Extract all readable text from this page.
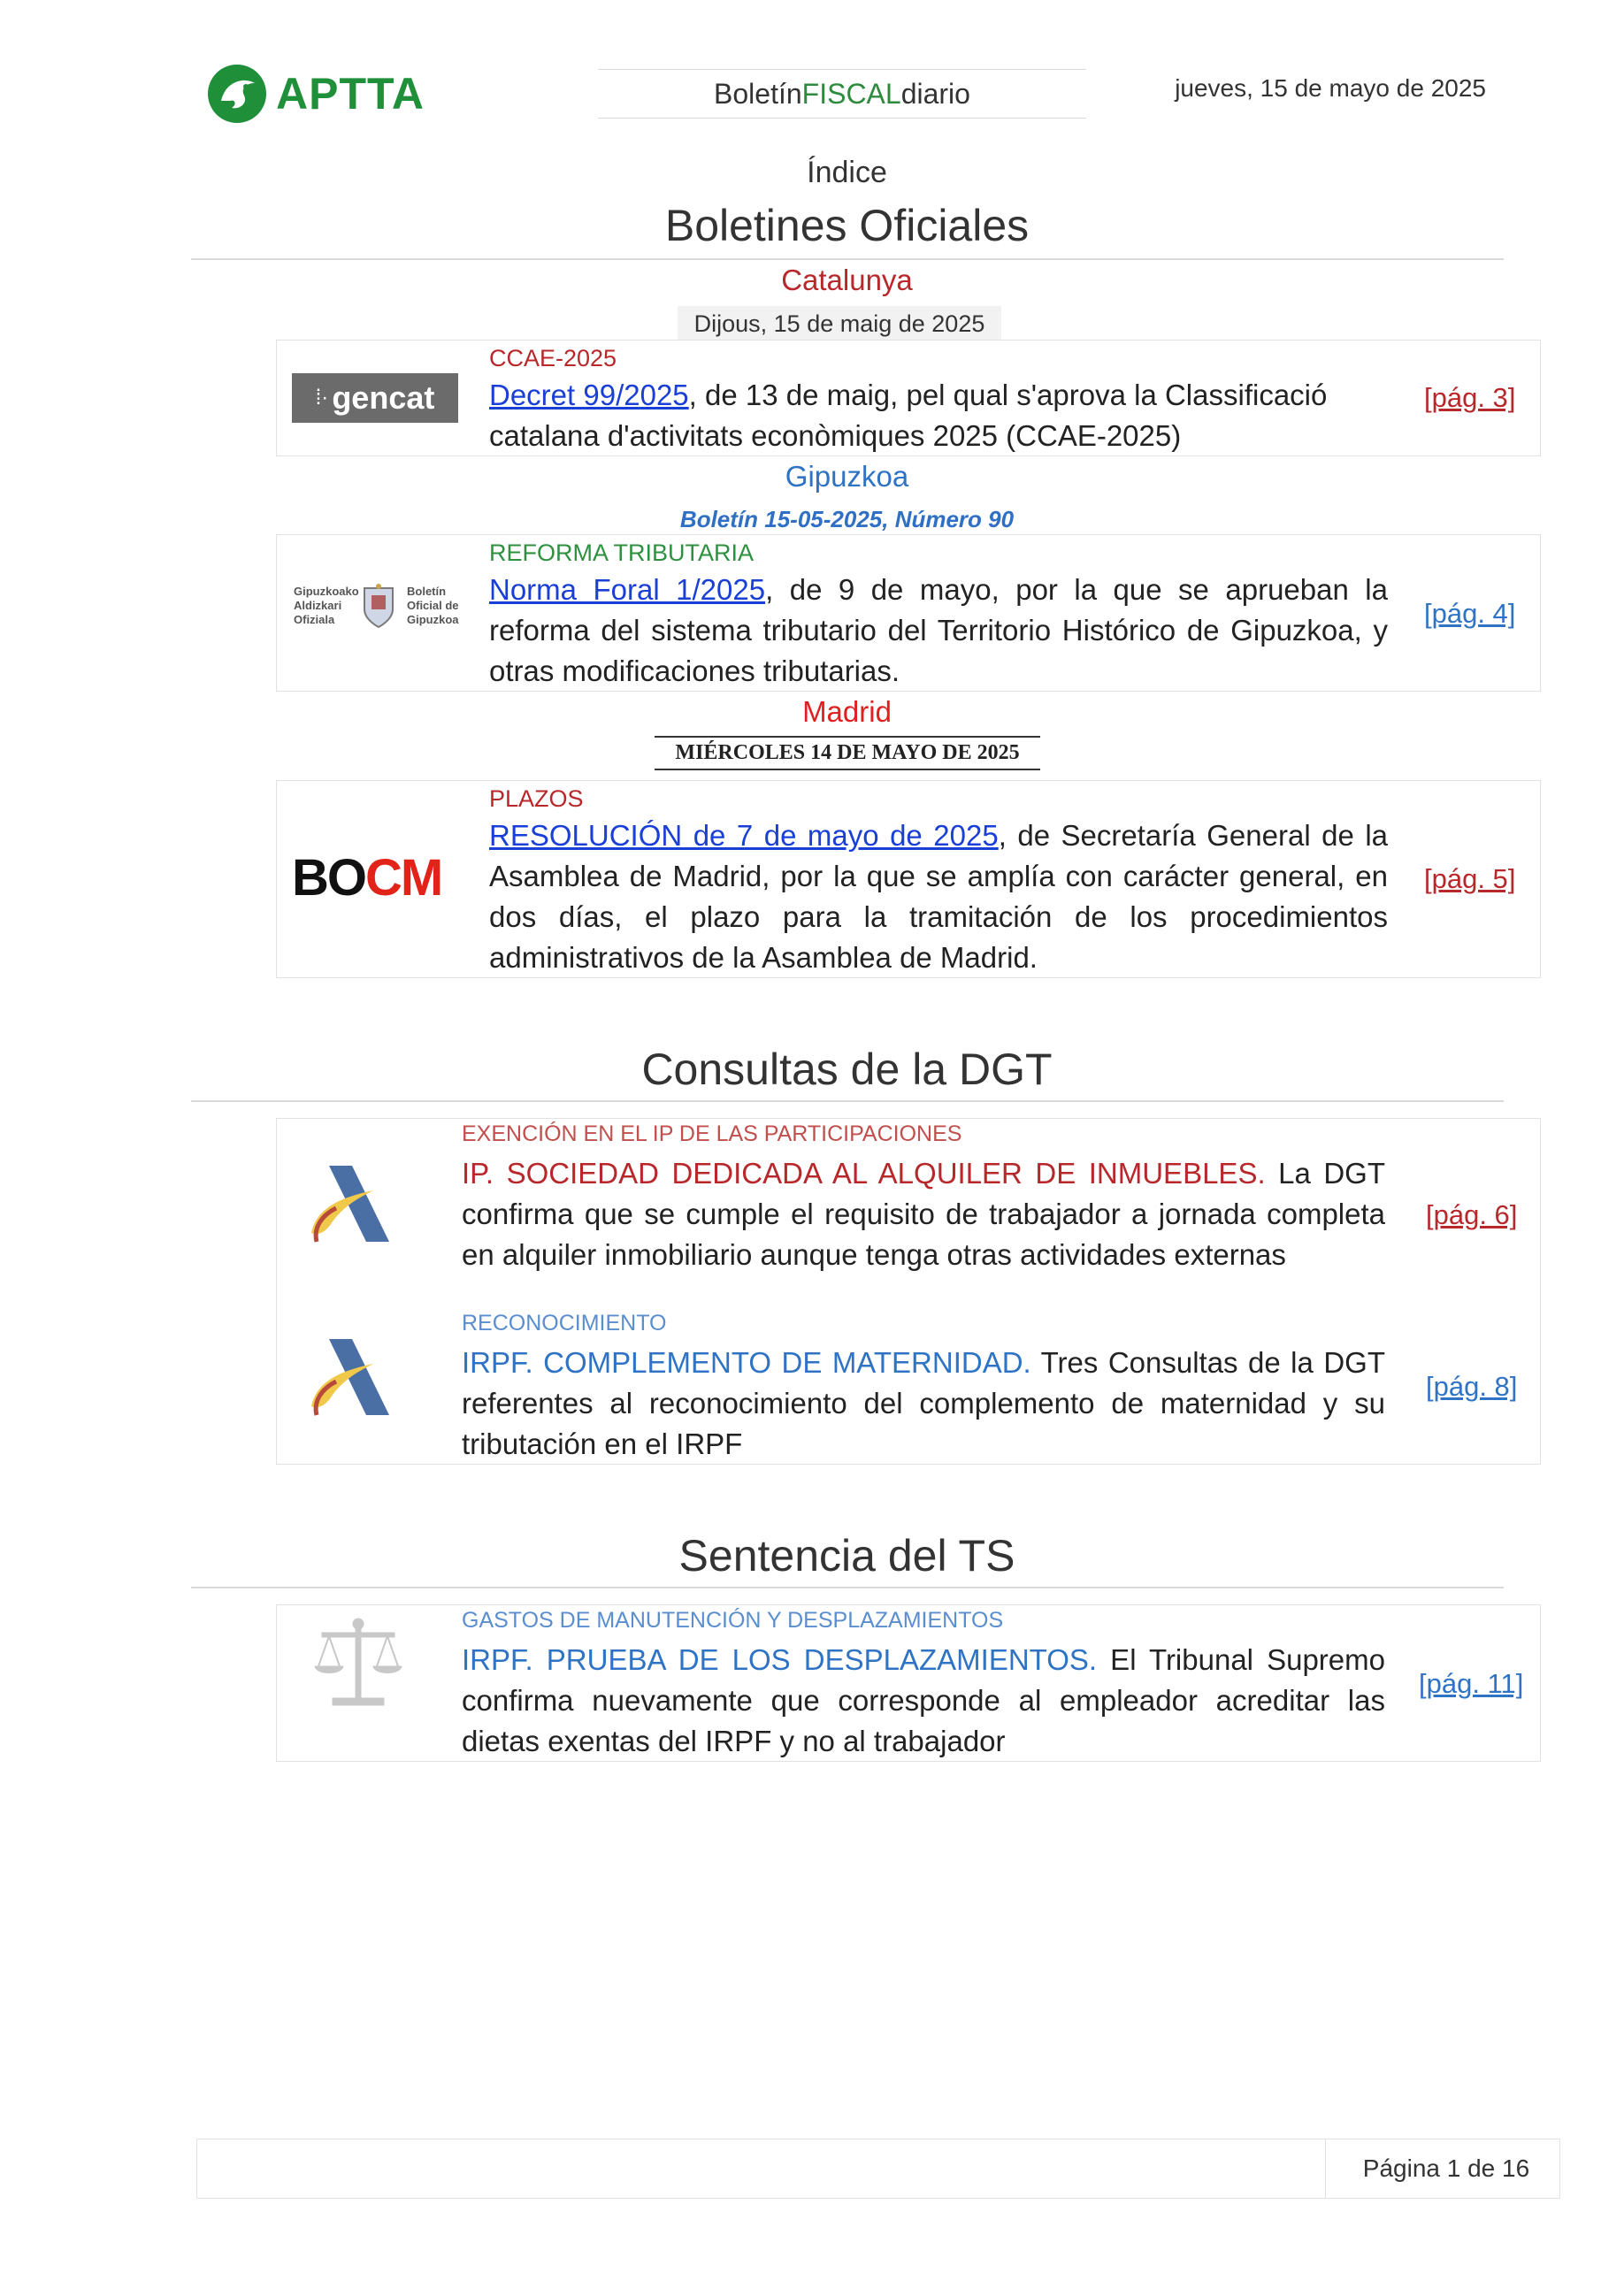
APTTA	Boletín FISCAL diario	jueves, 15 de mayo de 2025
Índice
Boletines Oficiales
Catalunya
Dijous, 15 de maig de 2025
⁞· gencat
CCAE-2025
Decret 99/2025, de 13 de maig, pel qual s'aprova la Classificació catalana d'activitats econòmiques 2025 (CCAE-2025)
[pág. 3]
Gipuzkoa
Boletín 15-05-2025, Número 90
Gipuzkoako Aldizkari Ofiziala
Boletín Oficial de Gipuzkoa
REFORMA TRIBUTARIA
Norma Foral 1/2025, de 9 de mayo, por la que se aprueban la reforma del sistema tributario del Territorio Histórico de Gipuzkoa, y otras modificaciones tributarias.
[pág. 4]
Madrid
MIÉRCOLES 14 DE MAYO DE 2025
BOCM
PLAZOS
RESOLUCIÓN de 7 de mayo de 2025, de Secretaría General de la Asamblea de Madrid, por la que se amplía con carácter general, en dos días, el plazo para la tramitación de los procedimientos administrativos de la Asamblea de Madrid.
[pág. 5]
Consultas de la DGT
EXENCIÓN EN EL IP DE LAS PARTICIPACIONES
IP. SOCIEDAD DEDICADA AL ALQUILER DE INMUEBLES. La DGT confirma que se cumple el requisito de trabajador a jornada completa en alquiler inmobiliario aunque tenga otras actividades externas
[pág. 6]
RECONOCIMIENTO
IRPF. COMPLEMENTO DE MATERNIDAD. Tres Consultas de la DGT referentes al reconocimiento del complemento de maternidad y su tributación en el IRPF
[pág. 8]
Sentencia del TS
GASTOS DE MANUTENCIÓN Y DESPLAZAMIENTOS
IRPF. PRUEBA DE LOS DESPLAZAMIENTOS. El Tribunal Supremo confirma nuevamente que corresponde al empleador acreditar las dietas exentas del IRPF y no al trabajador
[pág. 11]
Página 1 de 16
